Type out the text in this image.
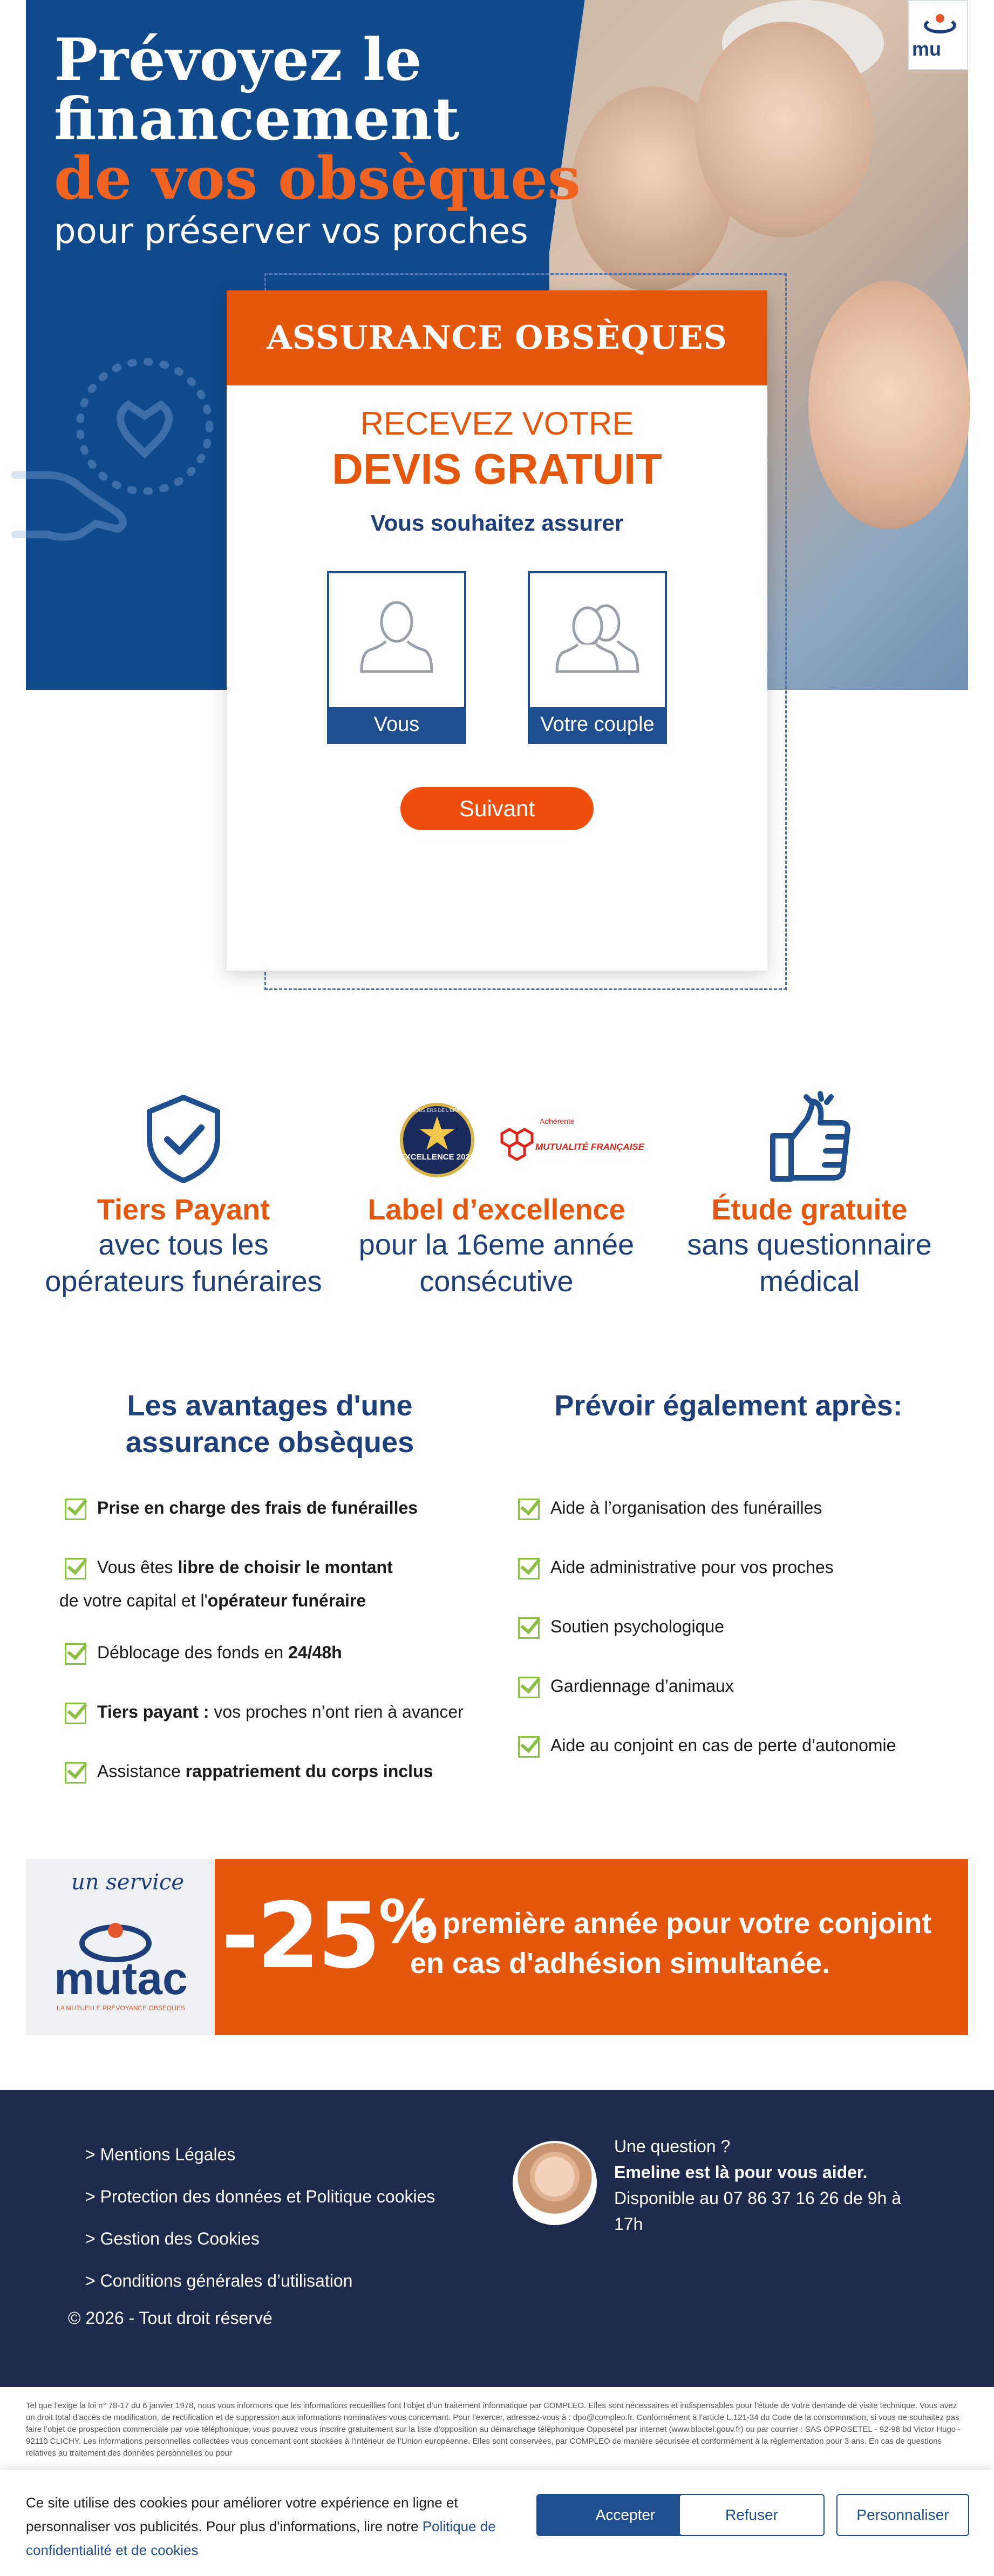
mu
Prévoyez le
financement
de vos obsèques
pour préserver vos proches
ASSURANCE OBSÈQUES
RECEVEZ VOTRE
DEVIS GRATUIT
Vous souhaitez assurer
Vous	Votre couple
Suivant
Tiers Payant
avec tous les opérateurs funéraires
EXCELLENCE 2023
LES DOSSIERS DE L'ÉPARGNE
Adhérente
MUTUALITÉ FRANÇAISE
Label d’excellence
pour la 16eme année consécutive
Étude gratuite
sans questionnaire médical
Les avantages d'une assurance obsèques
Prise en charge des frais de funérailles
Vous êtes libre de choisir le montant
de votre capital et l'opérateur funéraire
Déblocage des fonds en 24/48h
Tiers payant : vos proches n’ont rien à avancer
Assistance rappatriement du corps inclus
Prévoir également après:
Aide à l’organisation des funérailles
Aide administrative pour vos proches
Soutien psychologique
Gardiennage d’animaux
Aide au conjoint en cas de perte d’autonomie
un service
mutac
LA MUTUELLE PRÉVOYANCE OBSÈQUES
-25%
la première année pour votre conjoint
en cas d'adhésion simultanée.
> Mentions Légales
> Protection des données et Politique cookies
> Gestion des Cookies
> Conditions générales d’utilisation
© 2026 - Tout droit réservé
Une question ?
Emeline est là pour vous aider.
Disponible au 07 86 37 16 26 de 9h à 17h
Tel que l’exige la loi n° 78-17 du 6 janvier 1978, nous vous informons que les informations recueillies font l’objet d’un traitement informatique par COMPLEO. Elles sont nécessaires et indispensables pour l’étude de votre demande de visite technique. Vous avez un droit total d’accès de modification, de rectification et de suppression aux informations nominatives vous concernant. Pour l’exercer, adressez-vous à : dpo@compleo.fr. Conformément à l’article L.121-34 du Code de la consommation, si vous ne souhaitez pas faire l’objet de prospection commerciale par voie téléphonique, vous pouvez vous inscrire gratuitement sur la liste d’opposition au démarchage téléphonique Opposetel par internet (www.bloctel.gouv.fr) ou par courrier : SAS OPPOSETEL - 92-98 bd Victor Hugo - 92110 CLICHY. Les informations personnelles collectées vous concernant sont stockées à l’intérieur de l’Union européenne. Elles sont conservées, par COMPLEO de manière sécurisée et conformément à la réglementation pour 3 ans. En cas de questions relatives au traitement des données personnelles ou pour
Ce site utilise des cookies pour améliorer votre expérience en ligne et personnaliser vos publicités. Pour plus d'informations, lire notre Politique de confidentialité et de cookies
Accepter	Refuser	Personnaliser
